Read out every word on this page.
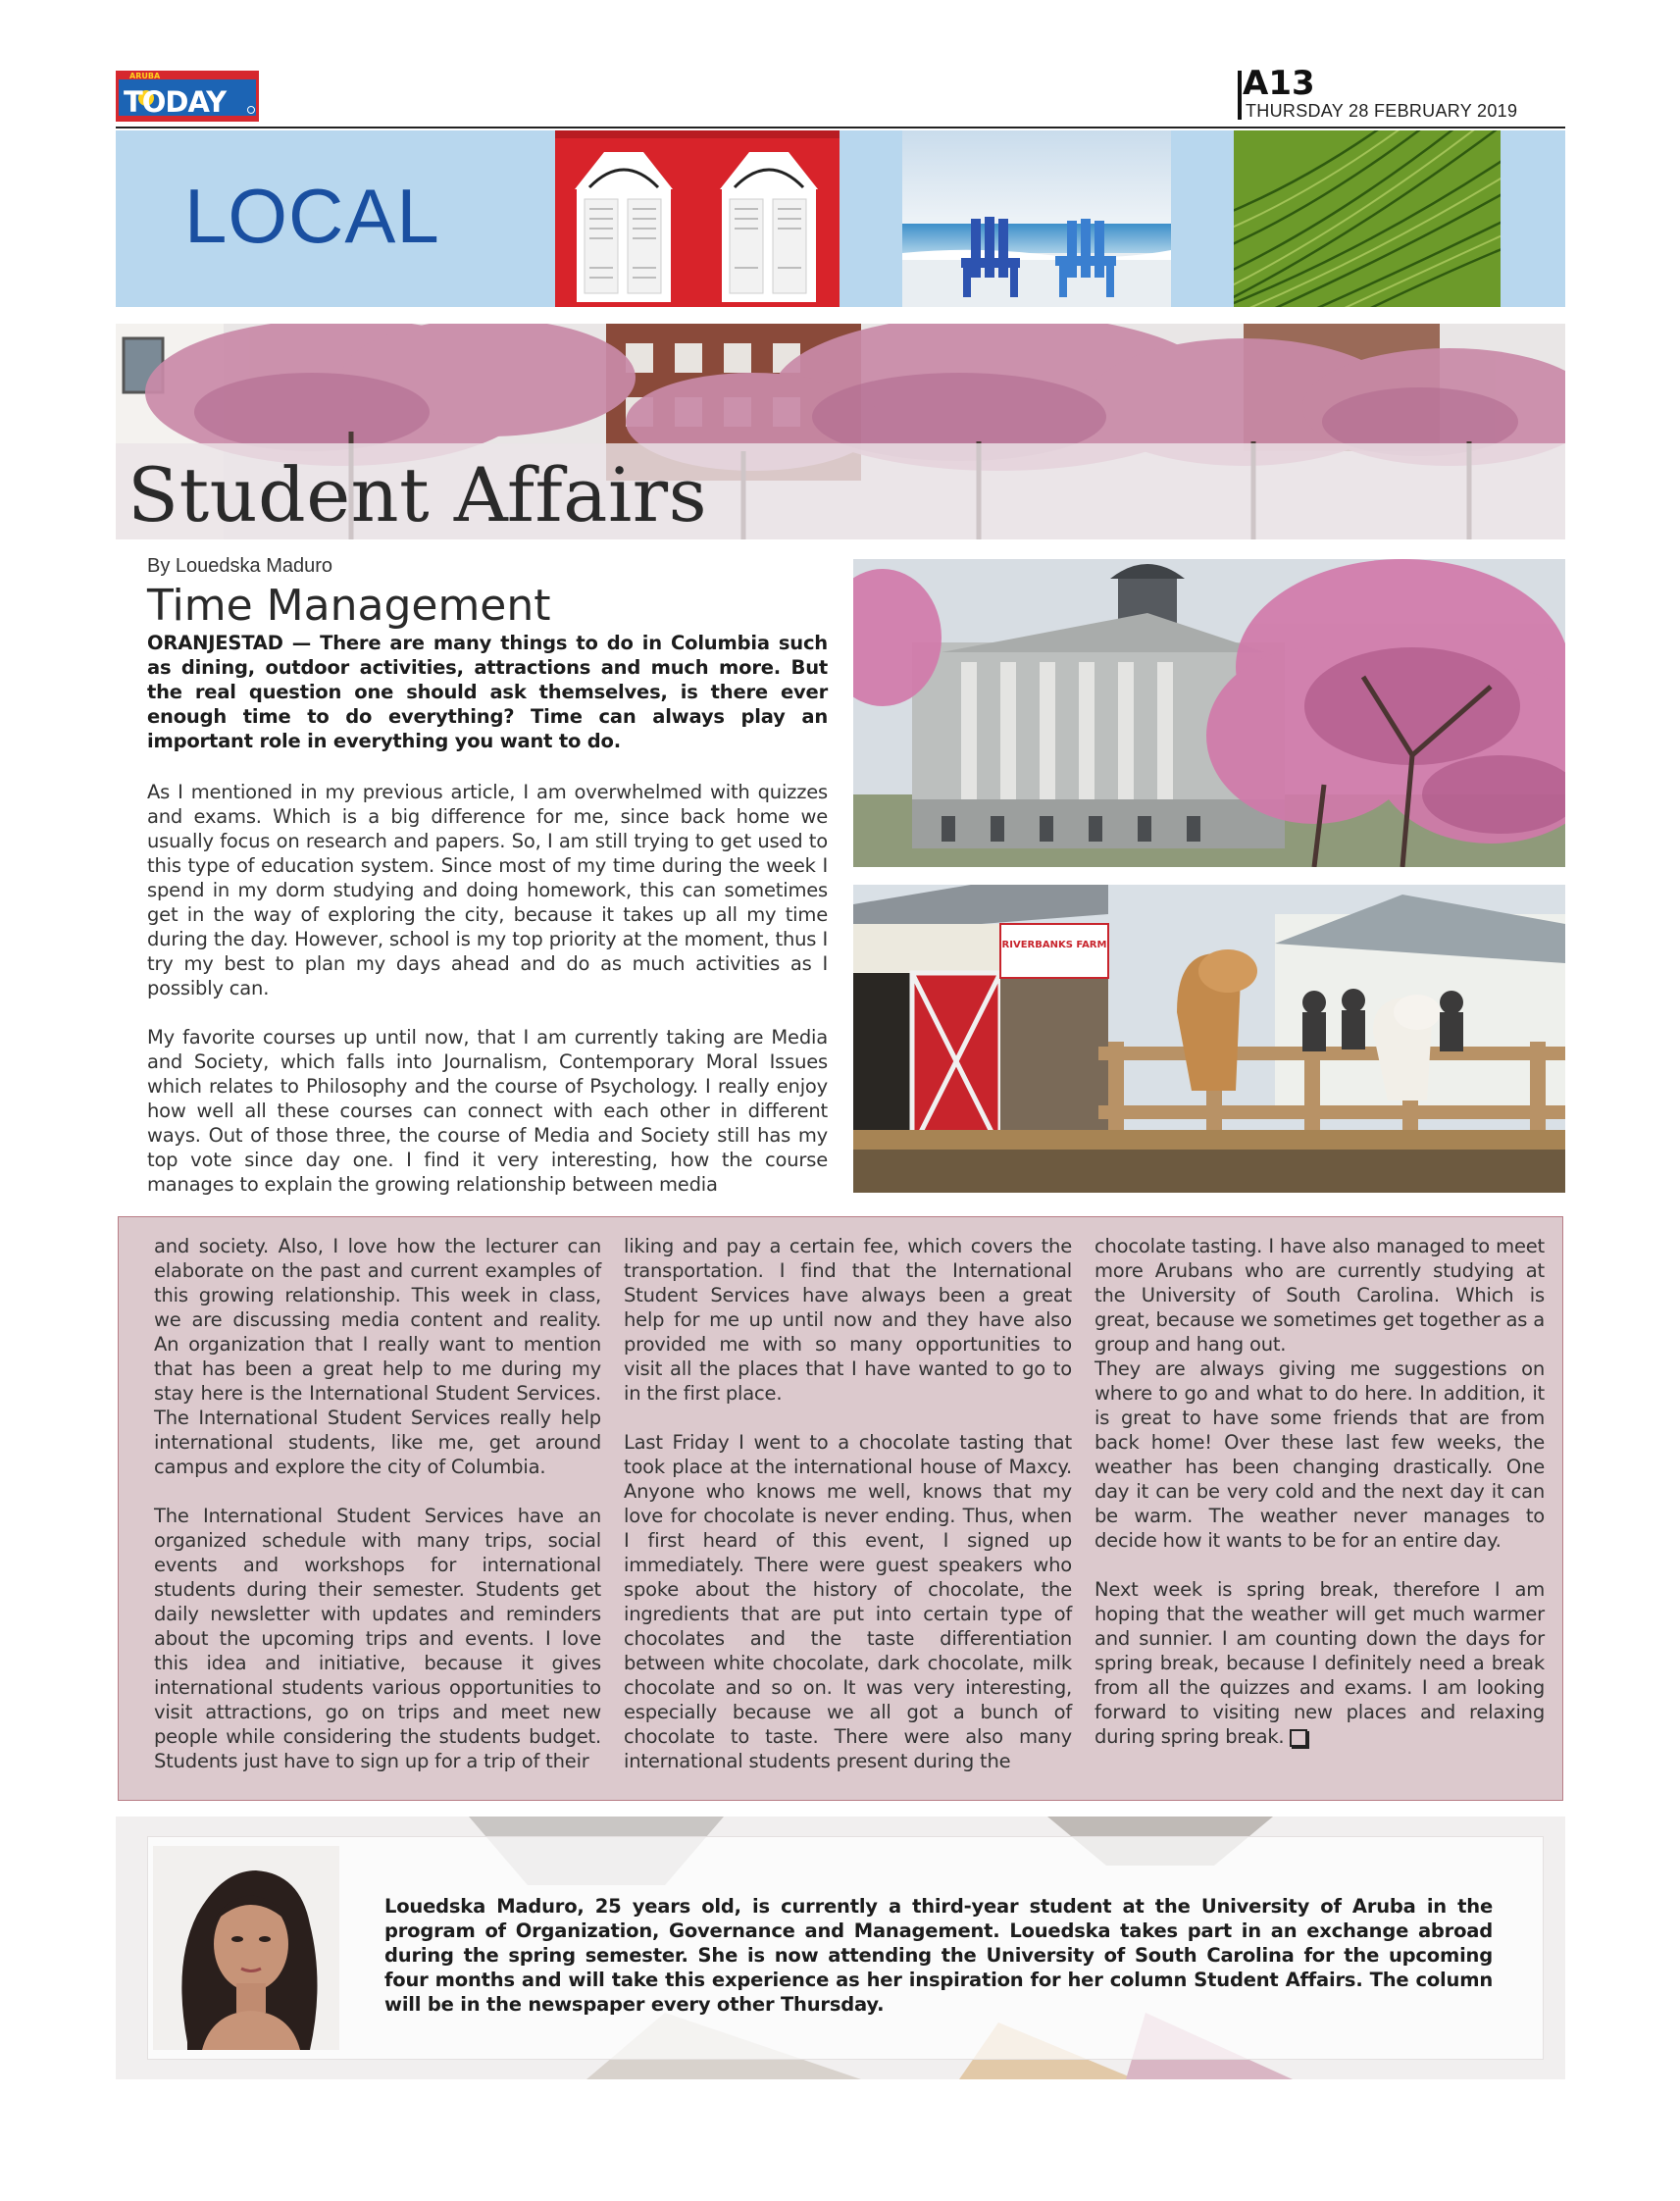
ARUBA
TODAY	A13
THURSDAY 28 FEBRUARY 2019
LOCAL
Student Affairs
By Louedska Maduro
Time Management

ORANJESTAD — There are many things to do in Columbia such as dining, outdoor activities, attractions and much more. But the real question one should ask themselves, is there ever enough time to do everything? Time can always play an important role in everything you want to do.

As I mentioned in my previous article, I am overwhelmed with quizzes and exams. Which is a big difference for me, since back home we usually focus on research and papers. So, I am still trying to get used to this type of education system. Since most of my time during the week I spend in my dorm studying and doing homework, this can sometimes get in the way of exploring the city, because it takes up all my time during the day. However, school is my top priority at the moment, thus I try my best to plan my days ahead and do as much activities as I possibly can.

My favorite courses up until now, that I am currently taking are Media and Society, which falls into Journalism, Contemporary Moral Issues which relates to Philosophy and the course of Psychology. I really enjoy how well all these courses can connect with each other in different ways. Out of those three, the course of Media and Society still has my top vote since day one. I find it very interesting, how the course manages to explain the growing relationship between media

RIVERBANKS FARM

and society. Also, I love how the lecturer can elaborate on the past and current examples of this growing relationship. This week in class, we are discussing media content and reality. An organization that I really want to mention that has been a great help to me during my stay here is the International Student Services. The International Student Services really help international students, like me, get around campus and explore the city of Columbia.

The International Student Services have an organized schedule with many trips, social events and workshops for international students during their semester. Students get daily newsletter with updates and reminders about the upcoming trips and events. I love this idea and initiative, because it gives international students various opportunities to visit attractions, go on trips and meet new people while considering the students budget. Students just have to sign up for a trip of their

liking and pay a certain fee, which covers the transportation. I find that the International Student Services have always been a great help for me up until now and they have also provided me with so many opportunities to visit all the places that I have wanted to go to in the first place.

Last Friday I went to a chocolate tasting that took place at the international house of Maxcy. Anyone who knows me well, knows that my love for chocolate is never ending. Thus, when I first heard of this event, I signed up immediately. There were guest speakers who spoke about the history of chocolate, the ingredients that are put into certain type of chocolates and the taste differentiation between white chocolate, dark chocolate, milk chocolate and so on. It was very interesting, especially because we all got a bunch of chocolate to taste. There were also many international students present during the

chocolate tasting. I have also managed to meet more Arubans who are currently studying at the University of South Carolina. Which is great, because we sometimes get together as a group and hang out.

They are always giving me suggestions on where to go and what to do here. In addition, it is great to have some friends that are from back home! Over these last few weeks, the weather has been changing drastically. One day it can be very cold and the next day it can be warm. The weather never manages to decide how it wants to be for an entire day.

Next week is spring break, therefore I am hoping that the weather will get much warmer and sunnier. I am counting down the days for spring break, because I definitely need a break from all the quizzes and exams. I am looking forward to visiting new places and relaxing during spring break.

Louedska Maduro, 25 years old, is currently a third-year student at the University of Aruba in the program of Organization, Governance and Management. Louedska takes part in an exchange abroad during the spring semester. She is now attending the University of South Carolina for the upcoming four months and will take this experience as her inspiration for her column Student Affairs. The column will be in the newspaper every other Thursday.
